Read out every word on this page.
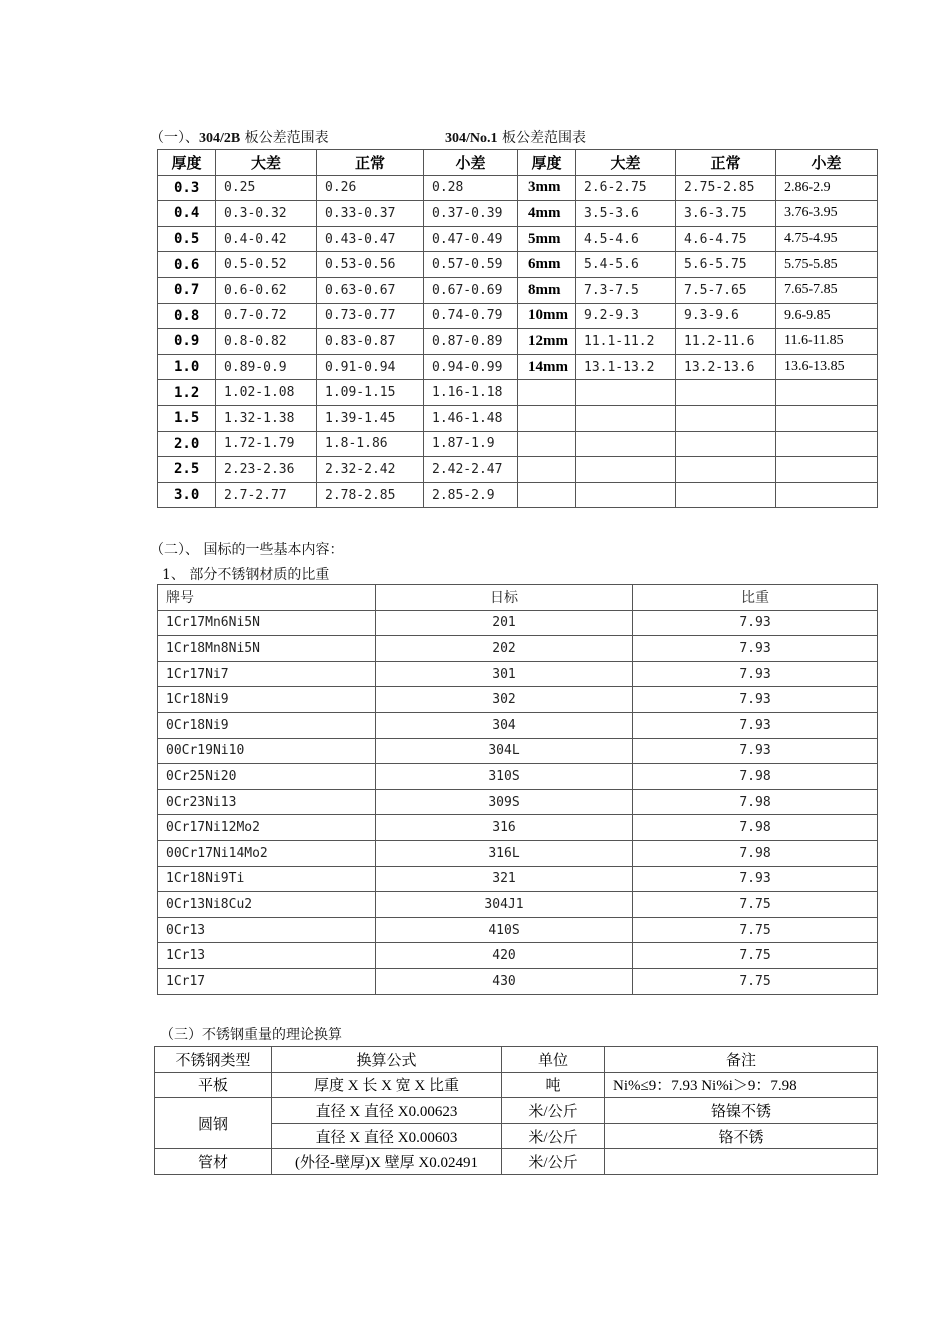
（一）、304/2B 板公差范围表	304/No.1 板公差范围表
厚度	大差	正常	小差	厚度	大差	正常	小差
0.3	0.25	0.26	0.28	3mm	2.6-2.75	2.75-2.85	2.86-2.9
0.4	0.3-0.32	0.33-0.37	0.37-0.39	4mm	3.5-3.6	3.6-3.75	3.76-3.95
0.5	0.4-0.42	0.43-0.47	0.47-0.49	5mm	4.5-4.6	4.6-4.75	4.75-4.95
0.6	0.5-0.52	0.53-0.56	0.57-0.59	6mm	5.4-5.6	5.6-5.75	5.75-5.85
0.7	0.6-0.62	0.63-0.67	0.67-0.69	8mm	7.3-7.5	7.5-7.65	7.65-7.85
0.8	0.7-0.72	0.73-0.77	0.74-0.79	10mm	9.2-9.3	9.3-9.6	9.6-9.85
0.9	0.8-0.82	0.83-0.87	0.87-0.89	12mm	11.1-11.2	11.2-11.6	11.6-11.85
1.0	0.89-0.9	0.91-0.94	0.94-0.99	14mm	13.1-13.2	13.2-13.6	13.6-13.85
1.2	1.02-1.08	1.09-1.15	1.16-1.18				
1.5	1.32-1.38	1.39-1.45	1.46-1.48				
2.0	1.72-1.79	1.8-1.86	1.87-1.9				
2.5	2.23-2.36	2.32-2.42	2.42-2.47				
3.0	2.7-2.77	2.78-2.85	2.85-2.9				
（二）、 国标的一些基本内容：
1、 部分不锈钢材质的比重
牌号	日标	比重
1Cr17Mn6Ni5N	201	7.93
1Cr18Mn8Ni5N	202	7.93
1Cr17Ni7	301	7.93
1Cr18Ni9	302	7.93
0Cr18Ni9	304	7.93
00Cr19Ni10	304L	7.93
0Cr25Ni20	310S	7.98
0Cr23Ni13	309S	7.98
0Cr17Ni12Mo2	316	7.98
00Cr17Ni14Mo2	316L	7.98
1Cr18Ni9Ti	321	7.93
0Cr13Ni8Cu2	304J1	7.75
0Cr13	410S	7.75
1Cr13	420	7.75
1Cr17	430	7.75
（三）不锈钢重量的理论换算
不锈钢类型	换算公式	单位	备注
平板	厚度 X 长 X 宽 X 比重	吨	Ni%≤9：7.93 Ni%i＞9：7.98
圆钢	直径 X 直径 X0.00623	米/公斤	铬镍不锈
	直径 X 直径 X0.00603	米/公斤	铬不锈
管材	(外径-壁厚)X 壁厚 X0.02491	米/公斤	
